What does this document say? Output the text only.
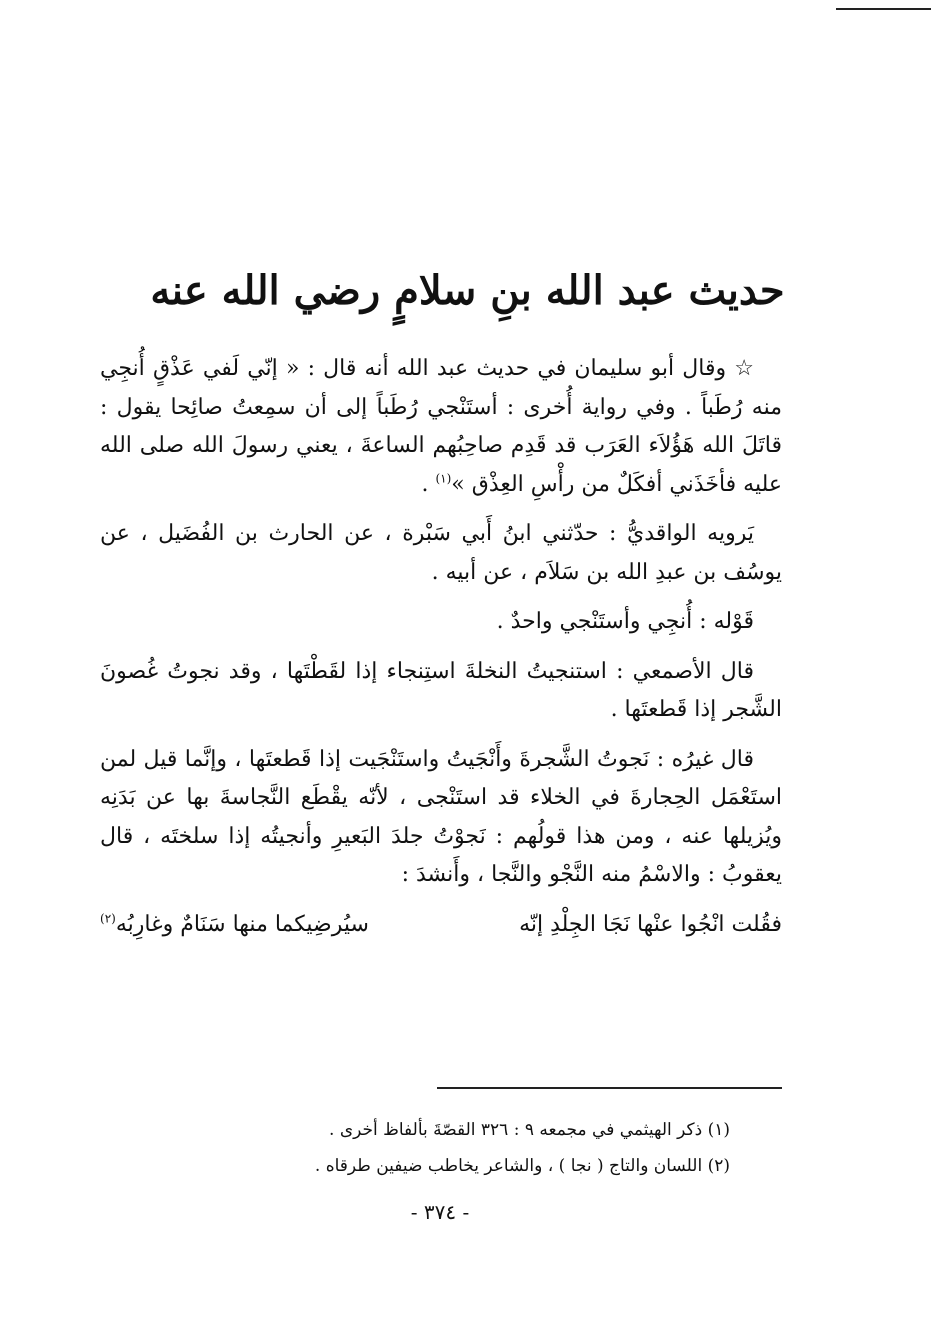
حديث عبد الله بنِ سلامٍ رضي الله عنه

☆ وقال أبو سليمان في حديث عبد الله أنه قال : « إنّي لَفي عَذْقٍ أُنجِي منه رُطَباً . وفي رواية أُخرى : أستَنْجي رُطَباً إلى أن سمِعتُ صائِحا يقول : قاتَلَ الله هَؤُلاَء العَرَب قد قَدِم صاحِبُهم الساعةَ ، يعني رسولَ الله صلى الله عليه فأخَذَني أفكَلٌ من رأْسِ العِذْق »$^{(١)}$ .

يَرويه الواقديُّ : حدّثني ابنُ أَبي سَبْرة ، عن الحارث بن الفُضَيل ، عن يوسُف بن عبدِ الله بن سَلاَم ، عن أبيه .

قَوْله : أُنجِي وأستَنْجي واحدٌ .

قال الأصمعي : استنجيتُ النخلةَ استِنجاء إذا لقَطْتَها ، وقد نجوتُ غُصونَ الشَّجر إذا قَطعتَها .

قال غيرُه : نَجوتُ الشَّجرةَ وأَنْجَيتُ واستَنْجَيت إذا قَطعتَها ، وإنَّما قيل لمن استَعْمَل الحِجارةَ في الخلاء قد استَنْجى ، لأنّه يقْطَع النَّجاسةَ بها عن بَدَنِه ويُزيلها عنه ، ومن هذا قولُهم : نَجوْتُ جلدَ البَعيرِ وأنجيتُه إذا سلختَه ، قال يعقوبُ : والاسْمُ منه النَّجْو والنَّجا ، وأَنشدَ :

فقُلت انْجُوا عنْها نَجَا الجِلْدِ إنّه
سيُرضِيكما منها سَنَامٌ وغارِبُه$^{(٢)}$

(١) ذكر الهيثمي في مجمعه ٩ : ٣٢٦ القصّةَ بألفاظ أخرى .

(٢) اللسان والتاج ( نجا ) ، والشاعر يخاطب ضيفين طرقاه .

- ٣٧٤ -
